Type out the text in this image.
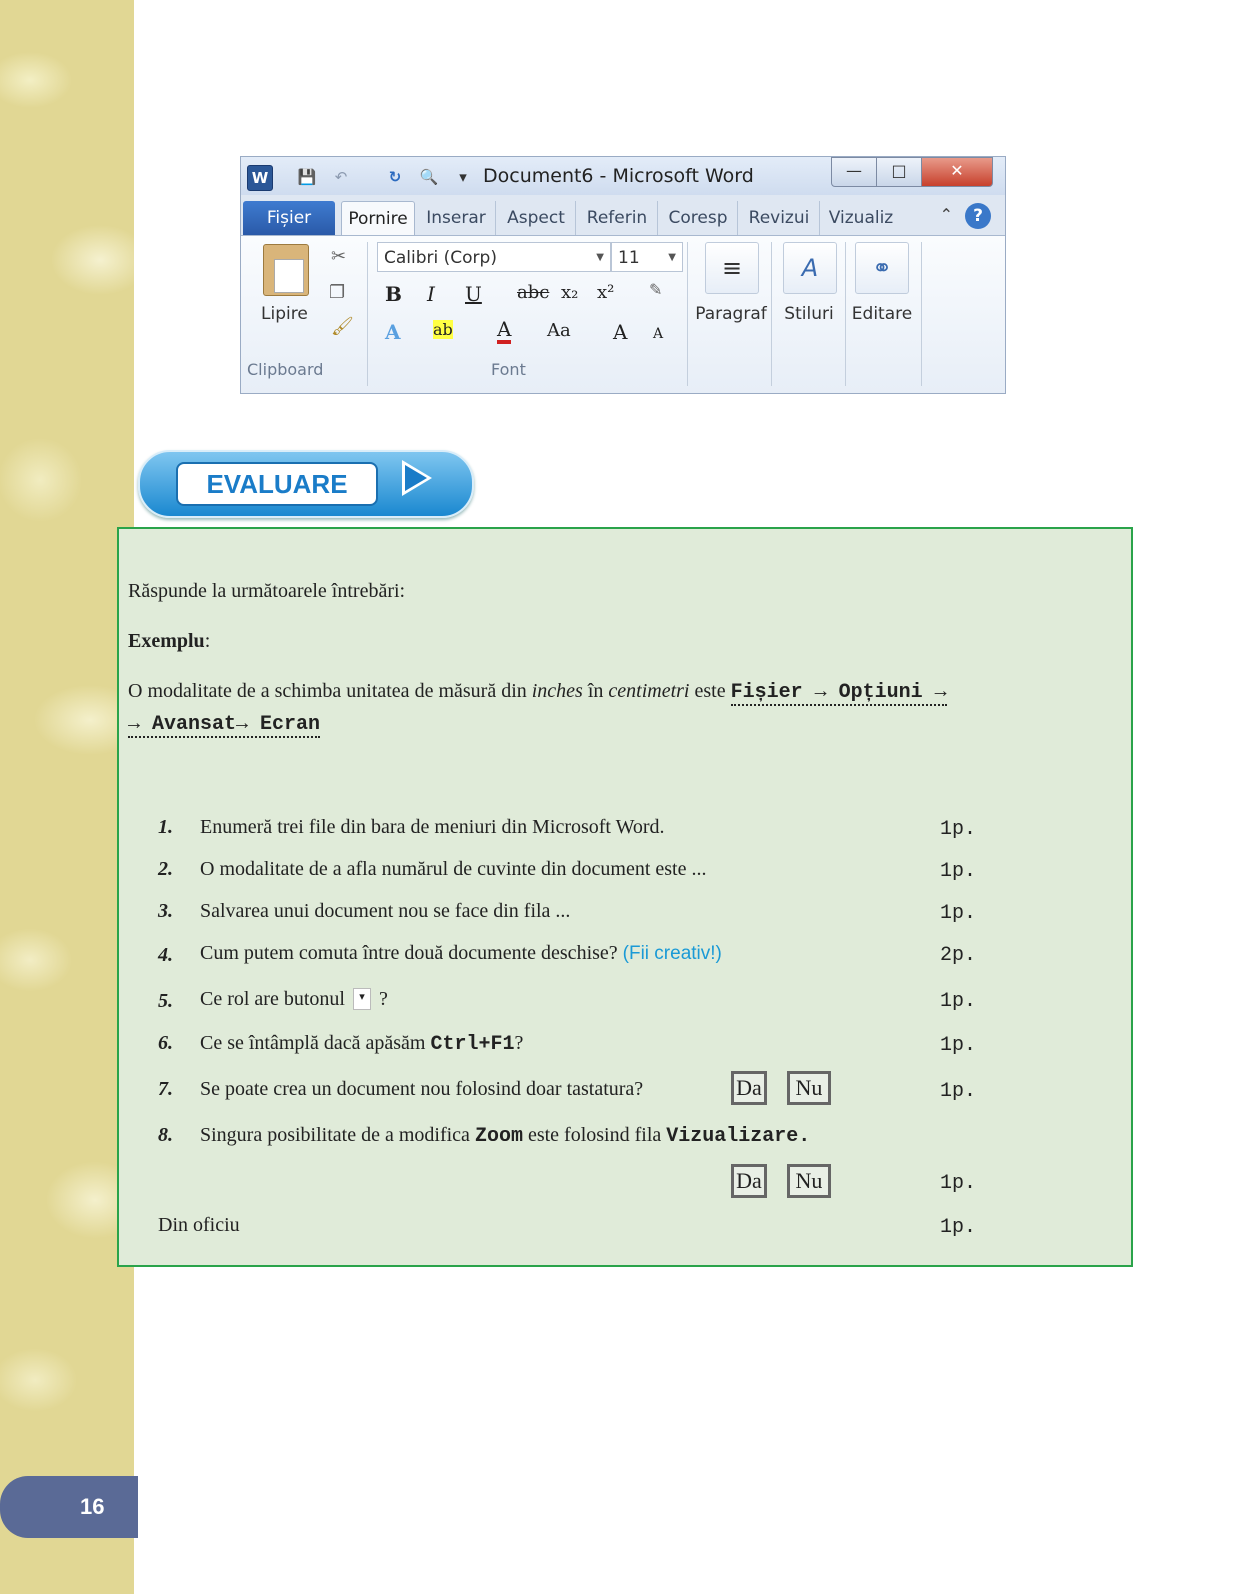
16
W	💾	↶	↻	🔍 ▾ Document6 - Microsoft Word	—	□	✕
Fișier	Pornire	Inserar	Aspect	Referin	Coresp	Revizui	Vizualiz	⌃	?
Lipire
✂
❐
🖌
Clipboard
Calibri (Corp)	▼ 11	▼
B I U abc x₂ x² ✎
A ab A Aa A A
Font
≡
Paragraf
A
Stiluri
⚭
Editare
EVALUARE
Răspunde la următoarele întrebări:
Exemplu:
O modalitate de a schimba unitatea de măsură din inches în centimetri este Fișier → Opțiuni →
→ Avansat→ Ecran
1. Enumeră trei file din bara de meniuri din Microsoft Word.	1p.
2. O modalitate de a afla numărul de cuvinte din document este ...	1p.
3. Salvarea unui document nou se face din fila ...	1p.
4. Cum putem comuta între două documente deschise? (Fii creativ!)	2p.
5. Ce rol are butonul ▾ ?	1p.
6. Ce se întâmplă dacă apăsăm Ctrl+F1?	1p.
7. Se poate crea un document nou folosind doar tastatura?	Da	Nu	1p.
8. Singura posibilitate de a modifica Zoom este folosind fila Vizualizare.
Da	Nu	1p.
Din oficiu	1p.
